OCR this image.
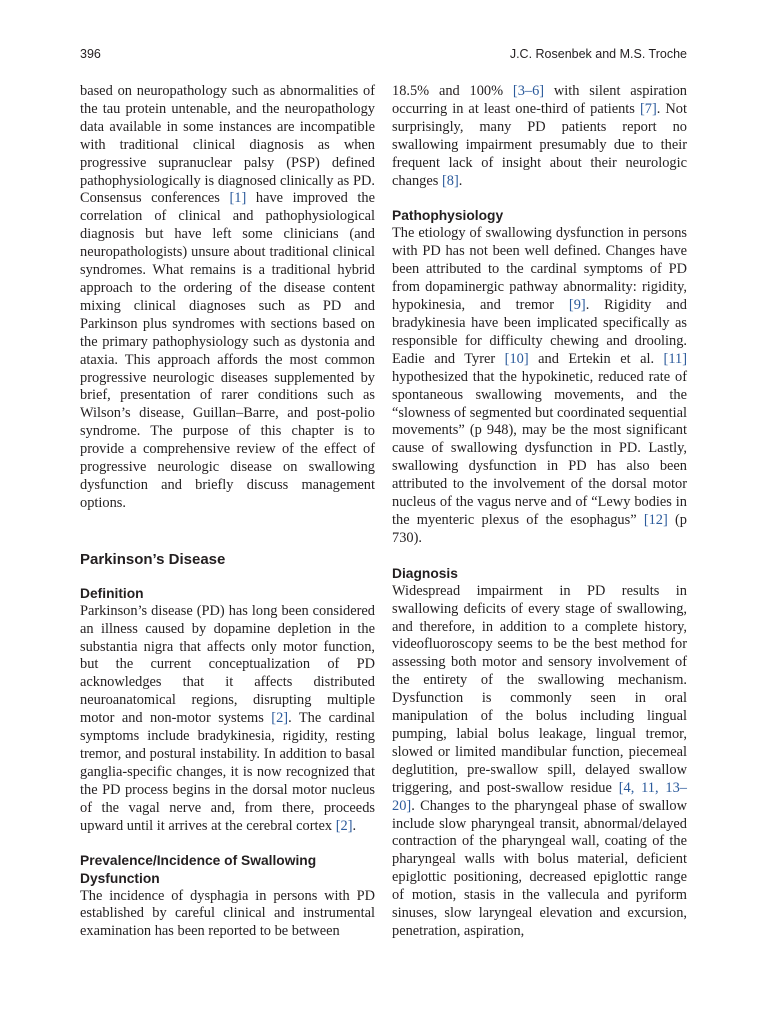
396	J.C. Rosenbek and M.S. Troche

based on neuropathology such as abnormalities of the tau protein untenable, and the neuropathology data available in some instances are incompatible with traditional clinical diagnosis as when progressive supranuclear palsy (PSP) defined pathophysiologically is diagnosed clinically as PD. Consensus conferences [1] have improved the correlation of clinical and pathophysiological diagnosis but have left some clinicians (and neuropathologists) unsure about traditional clinical syndromes. What remains is a traditional hybrid approach to the ordering of the disease content mixing clinical diagnoses such as PD and Parkinson plus syndromes with sections based on the primary pathophysiology such as dystonia and ataxia. This approach affords the most common progressive neurologic diseases supplemented by brief, presentation of rarer conditions such as Wilson’s disease, Guillan–Barre, and post-polio syndrome. The purpose of this chapter is to provide a comprehensive review of the effect of progressive neurologic disease on swallowing dysfunction and briefly discuss management options.

Parkinson’s Disease
Definition

Parkinson’s disease (PD) has long been considered an illness caused by dopamine depletion in the substantia nigra that affects only motor function, but the current conceptualization of PD acknowledges that it affects distributed neuroanatomical regions, disrupting multiple motor and non-motor systems [2]. The cardinal symptoms include bradykinesia, rigidity, resting tremor, and postural instability. In addition to basal ganglia-specific changes, it is now recognized that the PD process begins in the dorsal motor nucleus of the vagal nerve and, from there, proceeds upward until it arrives at the cerebral cortex [2].

Prevalence/Incidence of Swallowing
Dysfunction

The incidence of dysphagia in persons with PD established by careful clinical and instrumental examination has been reported to be between

18.5% and 100% [3–6] with silent aspiration occurring in at least one-third of patients [7]. Not surprisingly, many PD patients report no swallowing impairment presumably due to their frequent lack of insight about their neurologic changes [8].

Pathophysiology

The etiology of swallowing dysfunction in persons with PD has not been well defined. Changes have been attributed to the cardinal symptoms of PD from dopaminergic pathway abnormality: rigidity, hypokinesia, and tremor [9]. Rigidity and bradykinesia have been implicated specifically as responsible for difficulty chewing and drooling. Eadie and Tyrer [10] and Ertekin et al. [11] hypothesized that the hypokinetic, reduced rate of spontaneous swallowing movements, and the “slowness of segmented but coordinated sequential movements” (p 948), may be the most significant cause of swallowing dysfunction in PD. Lastly, swallowing dysfunction in PD has also been attributed to the involvement of the dorsal motor nucleus of the vagus nerve and of “Lewy bodies in the myenteric plexus of the esophagus” [12] (p 730).

Diagnosis

Widespread impairment in PD results in swallowing deficits of every stage of swallowing, and therefore, in addition to a complete history, videofluoroscopy seems to be the best method for assessing both motor and sensory involvement of the entirety of the swallowing mechanism. Dysfunction is commonly seen in oral manipulation of the bolus including lingual pumping, labial bolus leakage, lingual tremor, slowed or limited mandibular function, piecemeal deglutition, pre-swallow spill, delayed swallow triggering, and post-swallow residue [4, 11, 13–20]. Changes to the pharyngeal phase of swallow include slow pharyngeal transit, abnormal/delayed contraction of the pharyngeal wall, coating of the pharyngeal walls with bolus material, deficient epiglottic positioning, decreased epiglottic range of motion, stasis in the vallecula and pyriform sinuses, slow laryngeal elevation and excursion, penetration, aspiration,
